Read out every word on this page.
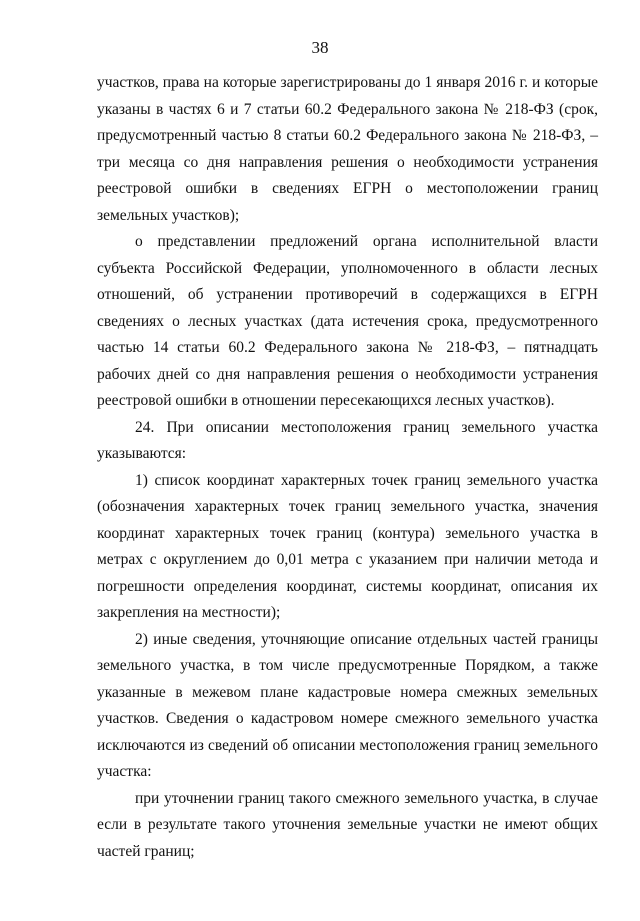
38

участков, права на которые зарегистрированы до 1 января 2016 г. и которые указаны в частях 6 и 7 статьи 60.2 Федерального закона № 218-ФЗ (срок, предусмотренный частью 8 статьи 60.2 Федерального закона № 218-ФЗ, – три месяца со дня направления решения о необходимости устранения реестровой ошибки в сведениях ЕГРН о местоположении границ земельных участков);

о представлении предложений органа исполнительной власти субъекта Российской Федерации, уполномоченного в области лесных отношений, об устранении противоречий в содержащихся в ЕГРН сведениях о лесных участках (дата истечения срока, предусмотренного частью 14 статьи 60.2 Федерального закона № 218-ФЗ, – пятнадцать рабочих дней со дня направления решения о необходимости устранения реестровой ошибки в отношении пересекающихся лесных участков).

24. При описании местоположения границ земельного участка указываются:

1) список координат характерных точек границ земельного участка (обозначения характерных точек границ земельного участка, значения координат характерных точек границ (контура) земельного участка в метрах с округлением до 0,01 метра с указанием при наличии метода и погрешности определения координат, системы координат, описания их закрепления на местности);

2) иные сведения, уточняющие описание отдельных частей границы земельного участка, в том числе предусмотренные Порядком, а также указанные в межевом плане кадастровые номера смежных земельных участков. Сведения о кадастровом номере смежного земельного участка исключаются из сведений об описании местоположения границ земельного участка:

при уточнении границ такого смежного земельного участка, в случае если в результате такого уточнения земельные участки не имеют общих частей границ;
